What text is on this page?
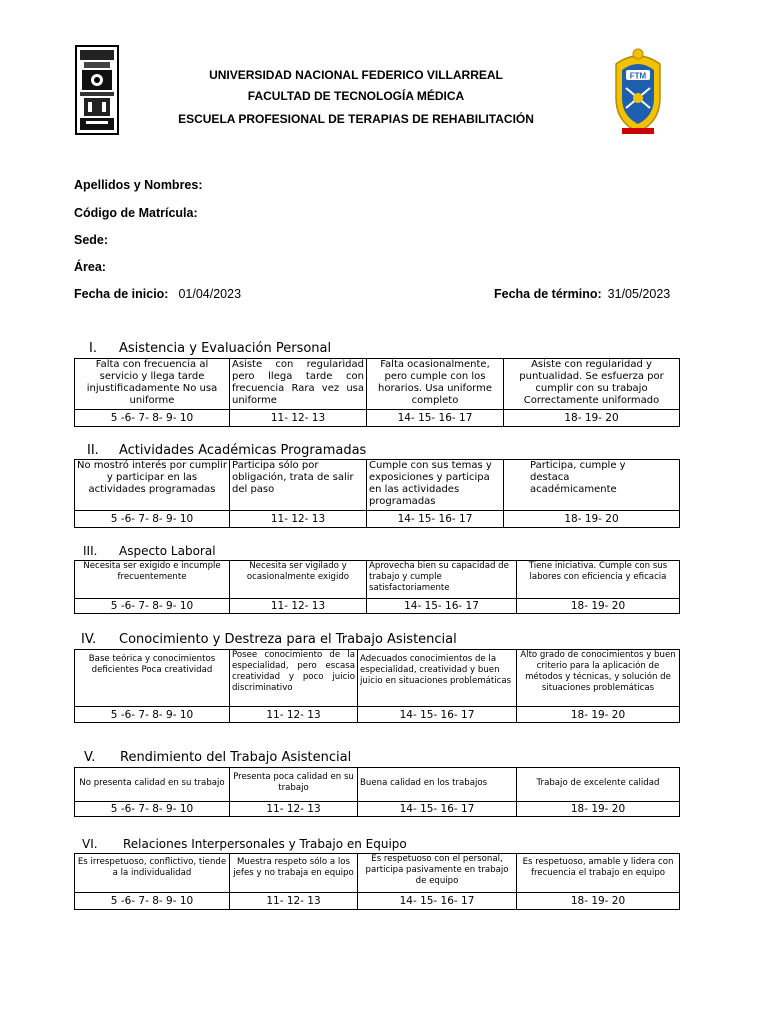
FTM
UNIVERSIDAD NACIONAL FEDERICO VILLARREAL
FACULTAD DE TECNOLOGÍA MÉDICA
ESCUELA PROFESIONAL DE TERAPIAS DE REHABILITACIÓN
Apellidos y Nombres:
Código de Matrícula:
Sede:
Área:
Fecha de inicio: 01/04/2023	Fecha de término: 31/05/2023
I. Asistencia y Evaluación Personal
Falta con frecuencia al servicio y llega tarde injustificadamente No usa uniforme	Asiste con regularidad pero llega tarde con frecuencia Rara vez usa uniforme	Falta ocasionalmente, pero cumple con los horarios. Usa uniforme completo	Asiste con regularidad y puntualidad. Se esfuerza por cumplir con su trabajo Correctamente uniformado
5 -6- 7- 8- 9- 10	11- 12- 13	14- 15- 16- 17	18- 19- 20
II. Actividades Académicas Programadas
No mostró interés por cumplir y participar en las actividades programadas	Participa sólo por obligación, trata de salir del paso	Cumple con sus temas y exposiciones y participa en las actividades programadas	Participa, cumple y destaca académicamente
5 -6- 7- 8- 9- 10	11- 12- 13	14- 15- 16- 17	18- 19- 20
III. Aspecto Laboral
Necesita ser exigido e incumple frecuentemente	Necesita ser vigilado y ocasionalmente exigido	Aprovecha bien su capacidad de trabajo y cumple satisfactoriamente	Tiene iniciativa. Cumple con sus labores con eficiencia y eficacia
5 -6- 7- 8- 9- 10	11- 12- 13	14- 15- 16- 17	18- 19- 20
IV. Conocimiento y Destreza para el Trabajo Asistencial
Base teórica y conocimientos deficientes Poca creatividad	Posee conocimiento de la especialidad, pero escasa creatividad y poco juicio discriminativo	Adecuados conocimientos de la especialidad, creatividad y buen juicio en situaciones problemáticas	Alto grado de conocimientos y buen criterio para la aplicación de métodos y técnicas, y solución de situaciones problemáticas
5 -6- 7- 8- 9- 10	11- 12- 13	14- 15- 16- 17	18- 19- 20
V. Rendimiento del Trabajo Asistencial
No presenta calidad en su trabajo	Presenta poca calidad en su trabajo	Buena calidad en los trabajos	Trabajo de excelente calidad
5 -6- 7- 8- 9- 10	11- 12- 13	14- 15- 16- 17	18- 19- 20
VI. Relaciones Interpersonales y Trabajo en Equipo
Es irrespetuoso, conflictivo, tiende a la individualidad	Muestra respeto sólo a los jefes y no trabaja en equipo	Es respetuoso con el personal, participa pasivamente en trabajo de equipo	Es respetuoso, amable y lidera con frecuencia el trabajo en equipo
5 -6- 7- 8- 9- 10	11- 12- 13	14- 15- 16- 17	18- 19- 20
